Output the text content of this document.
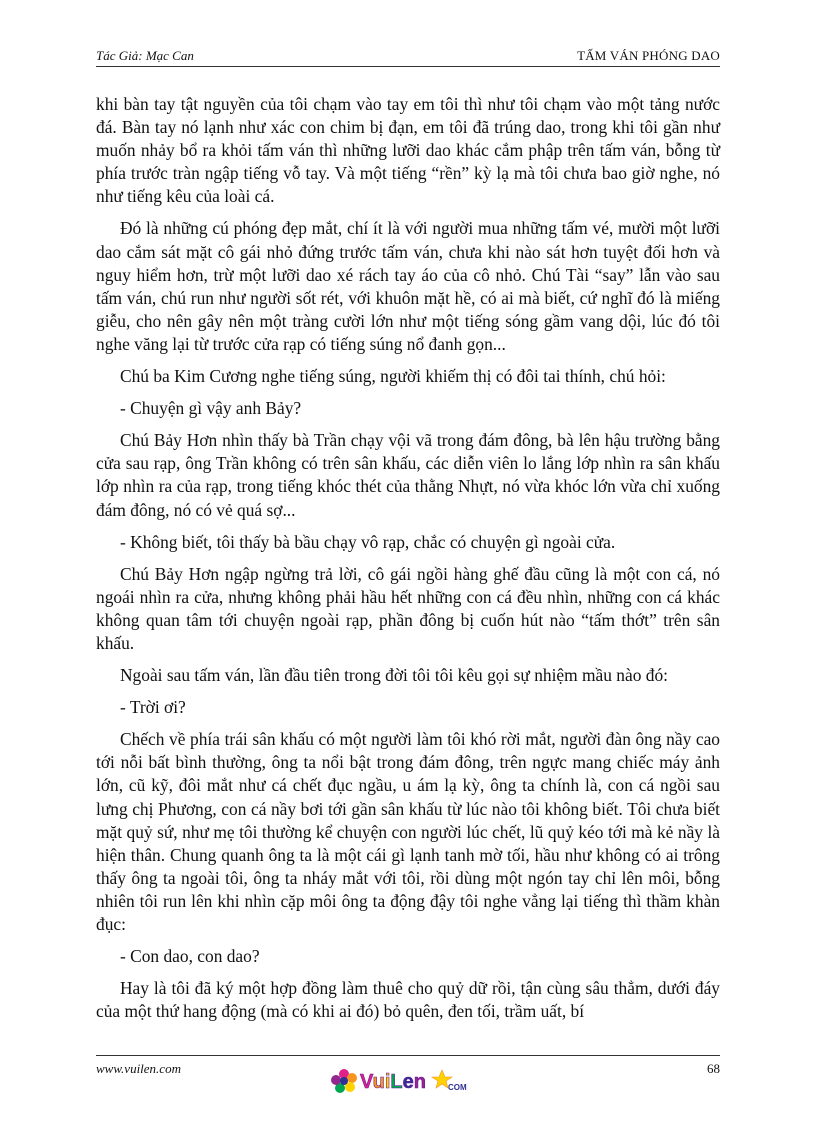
Tác Giả: Mạc Can	TẤM VÁN PHÓNG DAO

khi bàn tay tật nguyền của tôi chạm vào tay em tôi thì như tôi chạm vào một tảng nước đá. Bàn tay nó lạnh như xác con chim bị đạn, em tôi đã trúng dao, trong khi tôi gần như muốn nhảy bổ ra khỏi tấm ván thì những lưỡi dao khác cắm phập trên tấm ván, bỗng từ phía trước tràn ngập tiếng vỗ tay. Và một tiếng “rền” kỳ lạ mà tôi chưa bao giờ nghe, nó như tiếng kêu của loài cá.

Đó là những cú phóng đẹp mắt, chí ít là với người mua những tấm vé, mười một lưỡi dao cắm sát mặt cô gái nhỏ đứng trước tấm ván, chưa khi nào sát hơn tuyệt đối hơn và nguy hiểm hơn, trừ một lưỡi dao xé rách tay áo của cô nhỏ. Chú Tài “say” lẫn vào sau tấm ván, chú run như người sốt rét, với khuôn mặt hề, có ai mà biết, cứ nghĩ đó là miếng giễu, cho nên gây nên một tràng cười lớn như một tiếng sóng gầm vang dội, lúc đó tôi nghe văng lại từ trước cửa rạp có tiếng súng nổ đanh gọn...

Chú ba Kim Cương nghe tiếng súng, người khiếm thị có đôi tai thính, chú hỏi:

- Chuyện gì vậy anh Bảy?

Chú Bảy Hơn nhìn thấy bà Trần chạy vội vã trong đám đông, bà lên hậu trường bằng cửa sau rạp, ông Trần không có trên sân khấu, các diễn viên lo lắng lớp nhìn ra sân khấu lớp nhìn ra của rạp, trong tiếng khóc thét của thằng Nhựt, nó vừa khóc lớn vừa chỉ xuống đám đông, nó có vẻ quá sợ...

- Không biết, tôi thấy bà bầu chạy vô rạp, chắc có chuyện gì ngoài cửa.

Chú Bảy Hơn ngập ngừng trả lời, cô gái ngồi hàng ghế đầu cũng là một con cá, nó ngoái nhìn ra cửa, nhưng không phải hầu hết những con cá đều nhìn, những con cá khác không quan tâm tới chuyện ngoài rạp, phần đông bị cuốn hút nào “tấm thớt” trên sân khấu.

Ngoài sau tấm ván, lần đầu tiên trong đời tôi tôi kêu gọi sự nhiệm mầu nào đó:

- Trời ơi?

Chếch về phía trái sân khấu có một người làm tôi khó rời mắt, người đàn ông nầy cao tới nỗi bất bình thường, ông ta nổi bật trong đám đông, trên ngực mang chiếc máy ảnh lớn, cũ kỹ, đôi mắt như cá chết đục ngầu, u ám lạ kỳ, ông ta chính là, con cá ngồi sau lưng chị Phương, con cá nầy bơi tới gần sân khấu từ lúc nào tôi không biết. Tôi chưa biết mặt quỷ sứ, như mẹ tôi thường kể chuyện con người lúc chết, lũ quỷ kéo tới mà kẻ nầy là hiện thân. Chung quanh ông ta là một cái gì lạnh tanh mờ tối, hầu như không có ai trông thấy ông ta ngoài tôi, ông ta nháy mắt với tôi, rồi dùng một ngón tay chỉ lên môi, bỗng nhiên tôi run lên khi nhìn cặp môi ông ta động đậy tôi nghe vẳng lại tiếng thì thầm khàn đục:

- Con dao, con dao?

Hay là tôi đã ký một hợp đồng làm thuê cho quỷ dữ rồi, tận cùng sâu thẳm, dưới đáy của một thứ hang động (mà có khi ai đó) bỏ quên, đen tối, trầm uất, bí

www.vuilen.com	68
VuiLen	COM
